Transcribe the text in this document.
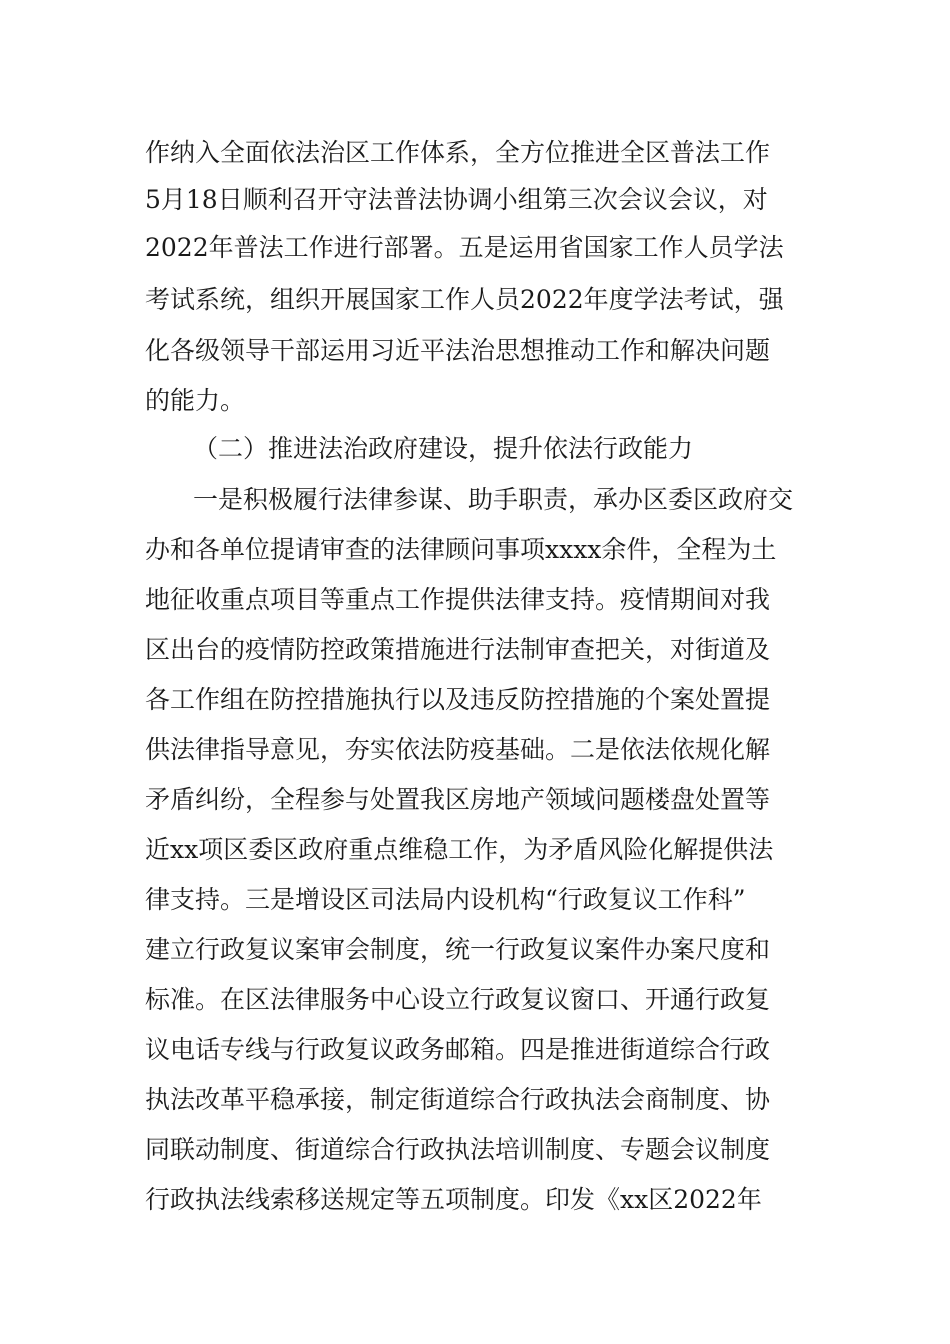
作纳入全面依法治区工作体系，全方位推进全区普法工作
5月18日顺利召开守法普法协调小组第三次会议会议，对
2022年普法工作进行部署。五是运用省国家工作人员学法
考试系统，组织开展国家工作人员2022年度学法考试，强
化各级领导干部运用习近平法治思想推动工作和解决问题
的能力。
（二）推进法治政府建设，提升依法行政能力
一是积极履行法律参谋、助手职责，承办区委区政府交
办和各单位提请审查的法律顾问事项xxxx余件，全程为土
地征收重点项目等重点工作提供法律支持。疫情期间对我
区出台的疫情防控政策措施进行法制审查把关，对街道及
各工作组在防控措施执行以及违反防控措施的个案处置提
供法律指导意见，夯实依法防疫基础。二是依法依规化解
矛盾纠纷，全程参与处置我区房地产领域问题楼盘处置等
近xx项区委区政府重点维稳工作，为矛盾风险化解提供法
律支持。三是增设区司法局内设机构“行政复议工作科”
建立行政复议案审会制度，统一行政复议案件办案尺度和
标准。在区法律服务中心设立行政复议窗口、开通行政复
议电话专线与行政复议政务邮箱。四是推进街道综合行政
执法改革平稳承接，制定街道综合行政执法会商制度、协
同联动制度、街道综合行政执法培训制度、专题会议制度
行政执法线索移送规定等五项制度。印发《xx区2022年
